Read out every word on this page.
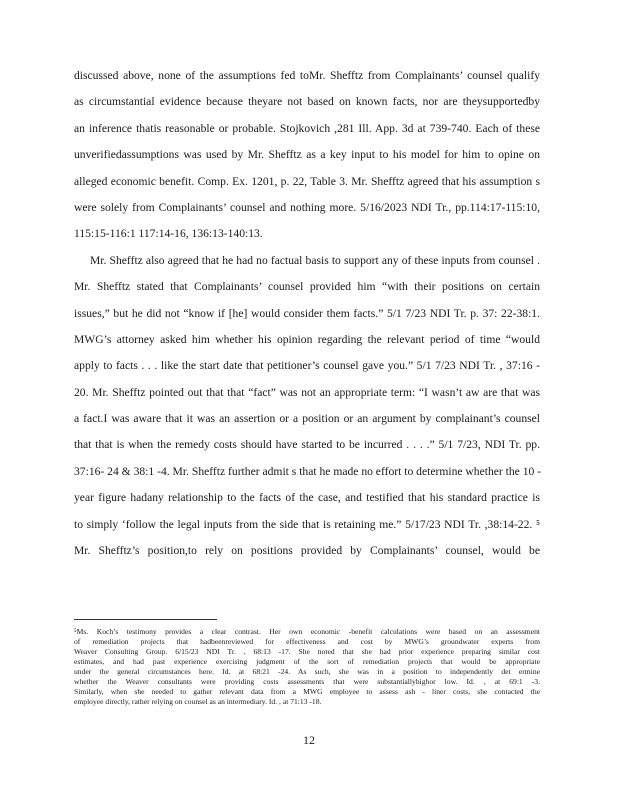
discussed above, none of the assumptions fed toMr. Shefftz from Complainants’ counsel qualify
as circumstantial evidence because theyare not based on known facts, nor are theysupportedby
an inference thatis reasonable or probable. Stojkovich ,281 Ill. App. 3d at 739-740. Each of these
unverifiedassumptions was used by Mr. Shefftz as a key input to his model for him to opine on
alleged economic benefit. Comp. Ex. 1201, p. 22, Table 3. Mr. Shefftz agreed that his assumption s
were solely from Complainants’ counsel and nothing more. 5/16/2023 NDI Tr., pp.114:17-115:10,
115:15-116:1 117:14-16, 136:13-140:13.
Mr. Shefftz also agreed that he had no factual basis to support any of these inputs from counsel .
Mr. Shefftz stated that Complainants’ counsel provided him “with their positions on certain
issues,” but he did not “know if [he] would consider them facts.” 5/1 7/23 NDI Tr. p. 37: 22-38:1.
MWG’s attorney asked him whether his opinion regarding the relevant period of time “would
apply to facts . . . like the start date that petitioner’s counsel gave you.” 5/1 7/23 NDI Tr. , 37:16 -
20. Mr. Shefftz pointed out that that “fact” was not an appropriate term: “I wasn’t aw are that was
a fact.I was aware that it was an assertion or a position or an argument by complainant’s counsel
that that is when the remedy costs should have started to be incurred . . . .” 5/1 7/23, NDI Tr. pp.
37:16- 24 & 38:1 -4. Mr. Shefftz further admit s that he made no effort to determine whether the 10 -
year figure hadany relationship to the facts of the case, and testified that his standard practice is
to simply ‘follow the legal inputs from the side that is retaining me.” 5/17/23 NDI Tr. ,38:14-22. ⁵
Mr. Shefftz’s position,to rely on positions provided by Complainants’ counsel, would be
⁵Ms. Koch’s testimony provides a clear contrast. Her own economic -benefit calculations were based on an assessment
of remediation projects that hadbeenreviewed for effectiveness and cost by MWG’s groundwater experts from
Weaver Consulting Group. 6/15/23 NDI Tr. , 68:13 -17. She noted that she had prior experience preparing similar cost
estimates, and had past experience exercising judgment of the sort of remediation projects that would be appropriate
under the general circumstances here. Id. at 68:21 -24. As such, she was in a position to independently det ermine
whether the Weaver consultants were providing costs assessments that were substantiallyhighor low. Id. , at 69:1 -3.
Similarly, when she needed to gather relevant data from a MWG employee to assess ash - liner costs, she contacted the
employee directly, rather relying on counsel as an intermediary. Id. , at 71:13 -18.
12
